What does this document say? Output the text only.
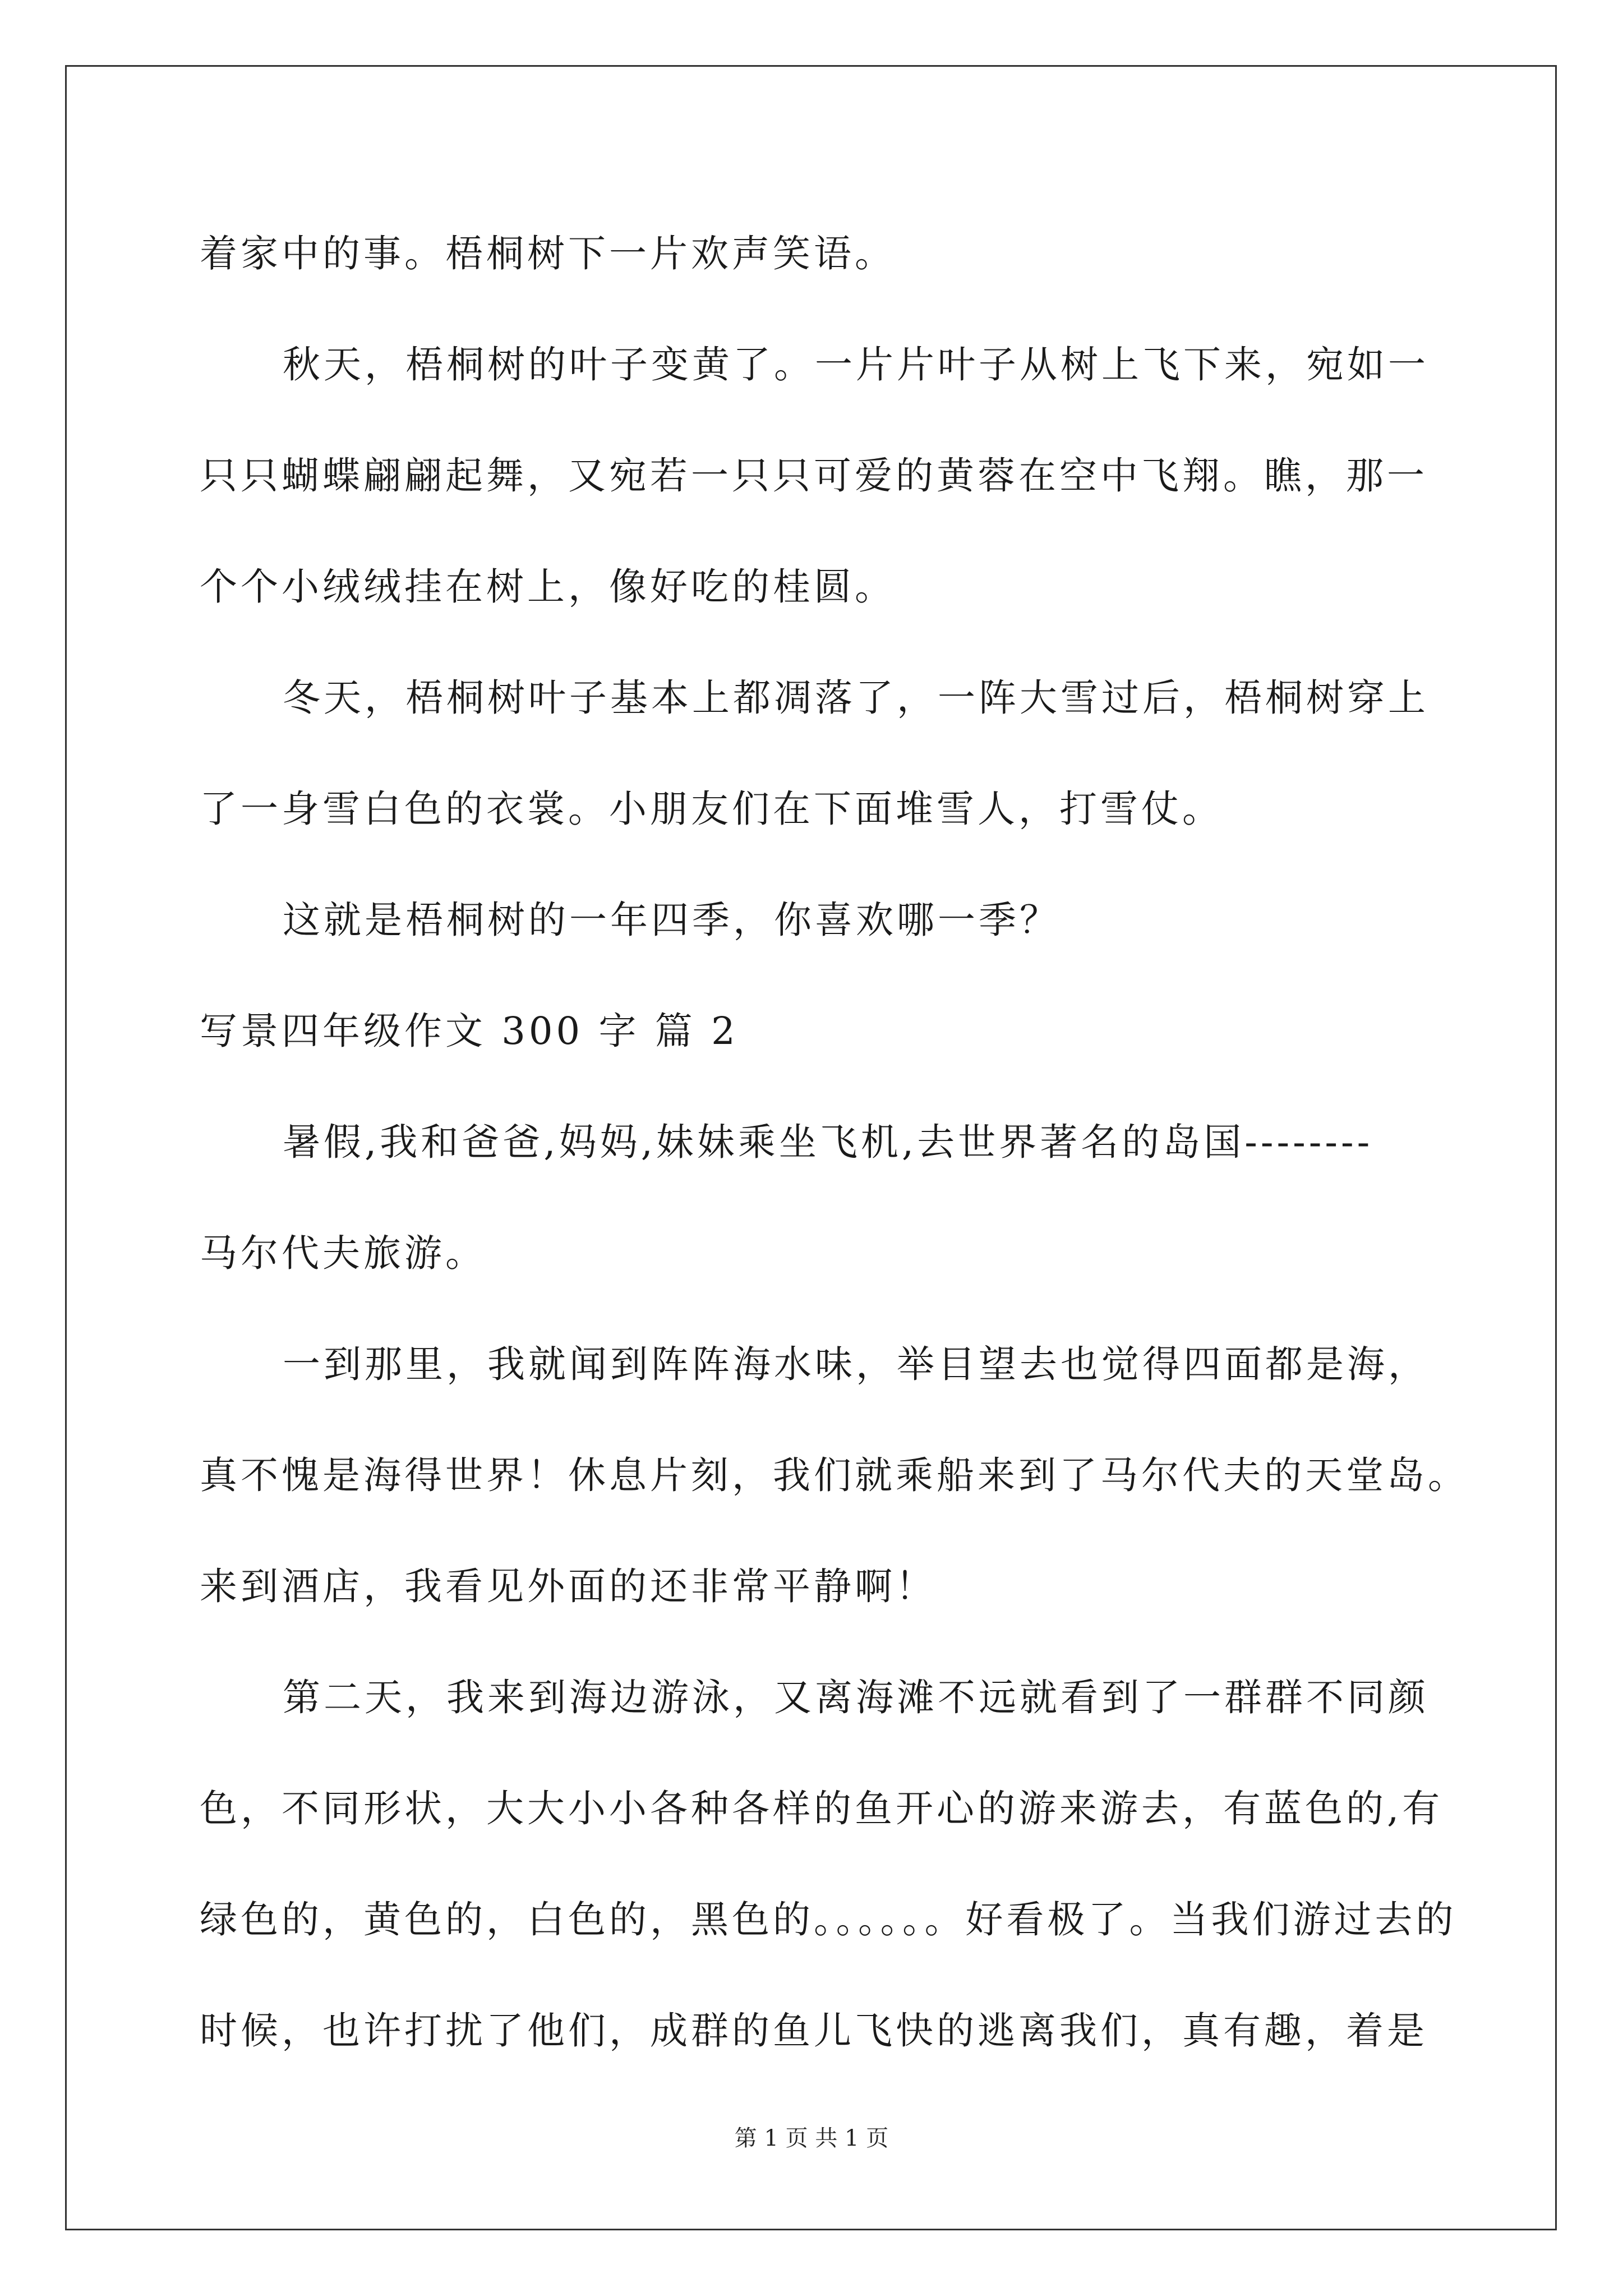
着家中的事。梧桐树下一片欢声笑语。
秋天，梧桐树的叶子变黄了。一片片叶子从树上飞下来，宛如一
只只蝴蝶翩翩起舞，又宛若一只只可爱的黄蓉在空中飞翔。瞧，那一
个个小绒绒挂在树上，像好吃的桂圆。
冬天，梧桐树叶子基本上都凋落了，一阵大雪过后，梧桐树穿上
了一身雪白色的衣裳。小朋友们在下面堆雪人，打雪仗。
这就是梧桐树的一年四季，你喜欢哪一季？
写景四年级作文 300 字 篇 2
暑假,我和爸爸,妈妈,妹妹乘坐飞机,去世界著名的岛国--------
马尔代夫旅游。
一到那里，我就闻到阵阵海水味，举目望去也觉得四面都是海，
真不愧是海得世界！休息片刻，我们就乘船来到了马尔代夫的天堂岛。
来到酒店，我看见外面的还非常平静啊！
第二天，我来到海边游泳，又离海滩不远就看到了一群群不同颜
色，不同形状，大大小小各种各样的鱼开心的游来游去，有蓝色的,有
绿色的，黄色的，白色的，黑色的。。。。。。好看极了。当我们游过去的
时候，也许打扰了他们，成群的鱼儿飞快的逃离我们，真有趣，着是
第 1 页 共 1 页
